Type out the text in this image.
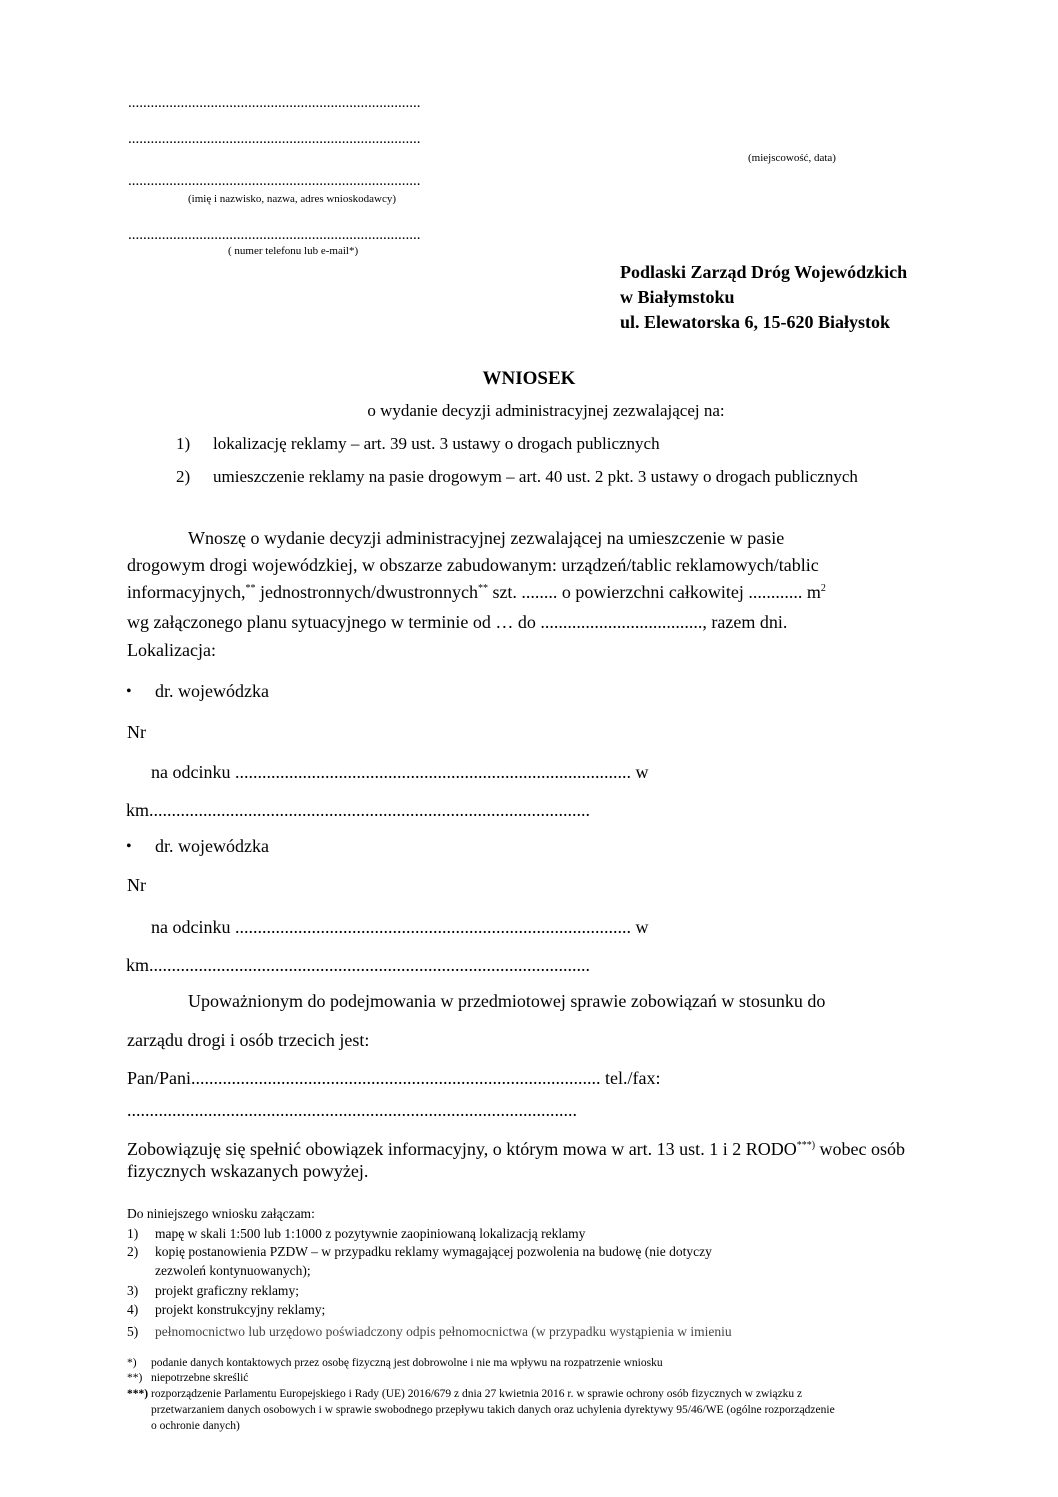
..............................................................................
..............................................................................
..............................................................................
(imię i nazwisko, nazwa, adres wnioskodawcy)
..............................................................................
( numer telefonu lub e-mail*)
(miejscowość, data)
Podlaski Zarząd Dróg Wojewódzkich
w Białymstoku
ul. Elewatorska 6, 15-620 Białystok
WNIOSEK
o wydanie decyzji administracyjnej zezwalającej na:
1) lokalizację reklamy – art. 39 ust. 3 ustawy o drogach publicznych
2) umieszczenie reklamy na pasie drogowym – art. 40 ust. 2 pkt. 3 ustawy o drogach publicznych
Wnoszę o wydanie decyzji administracyjnej zezwalającej na umieszczenie w pasie
drogowym drogi wojewódzkiej, w obszarze zabudowanym: urządzeń/tablic reklamowych/tablic
informacyjnych,** jednostronnych/dwustronnych** szt. ........ o powierzchni całkowitej ............ $m^2$
wg załączonego planu sytuacyjnego w terminie od … do ...................................., razem dni.
Lokalizacja:
• dr. wojewódzka
Nr
na odcinku ........................................................................................ w
km..................................................................................................
• dr. wojewódzka
Nr
na odcinku ........................................................................................ w
km..................................................................................................
Upoważnionym do podejmowania w przedmiotowej sprawie zobowiązań w stosunku do
zarządu drogi i osób trzecich jest:
Pan/Pani........................................................................................... tel./fax:
....................................................................................................
Zobowiązuję się spełnić obowiązek informacyjny, o którym mowa w art. 13 ust. 1 i 2 RODO***) wobec osób
fizycznych wskazanych powyżej.
Do niniejszego wniosku załączam:
1) mapę w skali 1:500 lub 1:1000 z pozytywnie zaopiniowaną lokalizacją reklamy
2) kopię postanowienia PZDW – w przypadku reklamy wymagającej pozwolenia na budowę (nie dotyczy
zezwoleń kontynuowanych);
3) projekt graficzny reklamy;
4) projekt konstrukcyjny reklamy;
5) pełnomocnictwo lub urzędowo poświadczony odpis pełnomocnictwa (w przypadku wystąpienia w imieniu
*) podanie danych kontaktowych przez osobę fizyczną jest dobrowolne i nie ma wpływu na rozpatrzenie wniosku
**) niepotrzebne skreślić
***) rozporządzenie Parlamentu Europejskiego i Rady (UE) 2016/679 z dnia 27 kwietnia 2016 r. w sprawie ochrony osób fizycznych w związku z
przetwarzaniem danych osobowych i w sprawie swobodnego przepływu takich danych oraz uchylenia dyrektywy 95/46/WE (ogólne rozporządzenie
o ochronie danych)
